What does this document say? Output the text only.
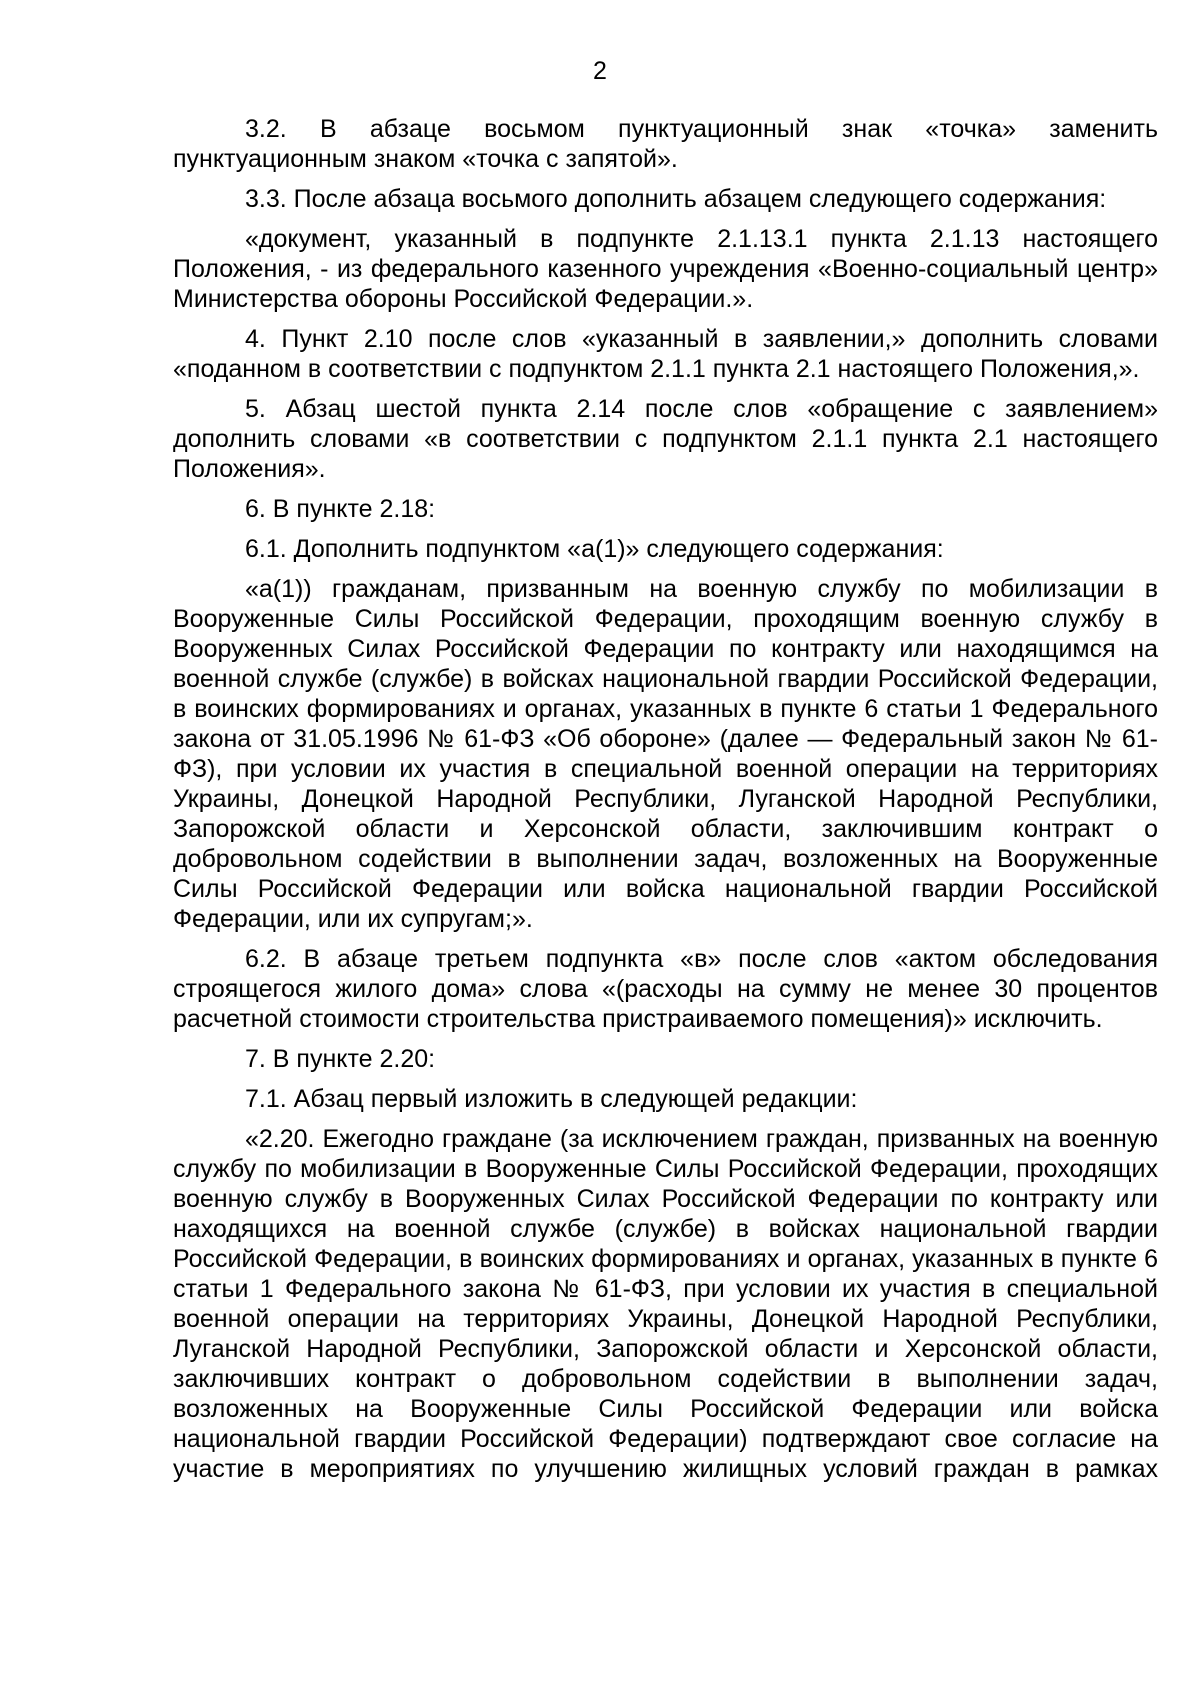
2

3.2. В абзаце восьмом пунктуационный знак «точка» заменить пунктуационным знаком «точка с запятой».

3.3. После абзаца восьмого дополнить абзацем следующего содержания:

«документ, указанный в подпункте 2.1.13.1 пункта 2.1.13 настоящего Положения, - из федерального казенного учреждения «Военно-социальный центр» Министерства обороны Российской Федерации.».

4. Пункт 2.10 после слов «указанный в заявлении,» дополнить словами «поданном в соответствии с подпунктом 2.1.1 пункта 2.1 настоящего Положения,».

5. Абзац шестой пункта 2.14 после слов «обращение с заявлением» дополнить словами «в соответствии с подпунктом 2.1.1 пункта 2.1 настоящего Положения».

6. В пункте 2.18:

6.1. Дополнить подпунктом «а(1)» следующего содержания:

«а(1)) гражданам, призванным на военную службу по мобилизации в Вооруженные Силы Российской Федерации, проходящим военную службу в Вооруженных Силах Российской Федерации по контракту или находящимся на военной службе (службе) в войсках национальной гвардии Российской Федерации, в воинских формированиях и органах, указанных в пункте 6 статьи 1 Федерального закона от 31.05.1996 № 61-ФЗ «Об обороне» (далее — Федеральный закон № 61-ФЗ), при условии их участия в специальной военной операции на территориях Украины, Донецкой Народной Республики, Луганской Народной Республики, Запорожской области и Херсонской области, заключившим контракт о добровольном содействии в выполнении задач, возложенных на Вооруженные Силы Российской Федерации или войска национальной гвардии Российской Федерации, или их супругам;».

6.2. В абзаце третьем подпункта «в» после слов «актом обследования строящегося жилого дома» слова «(расходы на сумму не менее 30 процентов расчетной стоимости строительства пристраиваемого помещения)» исключить.

7. В пункте 2.20:

7.1. Абзац первый изложить в следующей редакции:

«2.20. Ежегодно граждане (за исключением граждан, призванных на военную службу по мобилизации в Вооруженные Силы Российской Федерации, проходящих военную службу в Вооруженных Силах Российской Федерации по контракту или находящихся на военной службе (службе) в войсках национальной гвардии Российской Федерации, в воинских формированиях и органах, указанных в пункте 6 статьи 1 Федерального закона № 61-ФЗ, при условии их участия в специальной военной операции на территориях Украины, Донецкой Народной Республики, Луганской Народной Республики, Запорожской области и Херсонской области, заключивших контракт о добровольном содействии в выполнении задач, возложенных на Вооруженные Силы Российской Федерации или войска национальной гвардии Российской Федерации) подтверждают свое согласие на участие в мероприятиях по улучшению жилищных условий граждан в рамках
